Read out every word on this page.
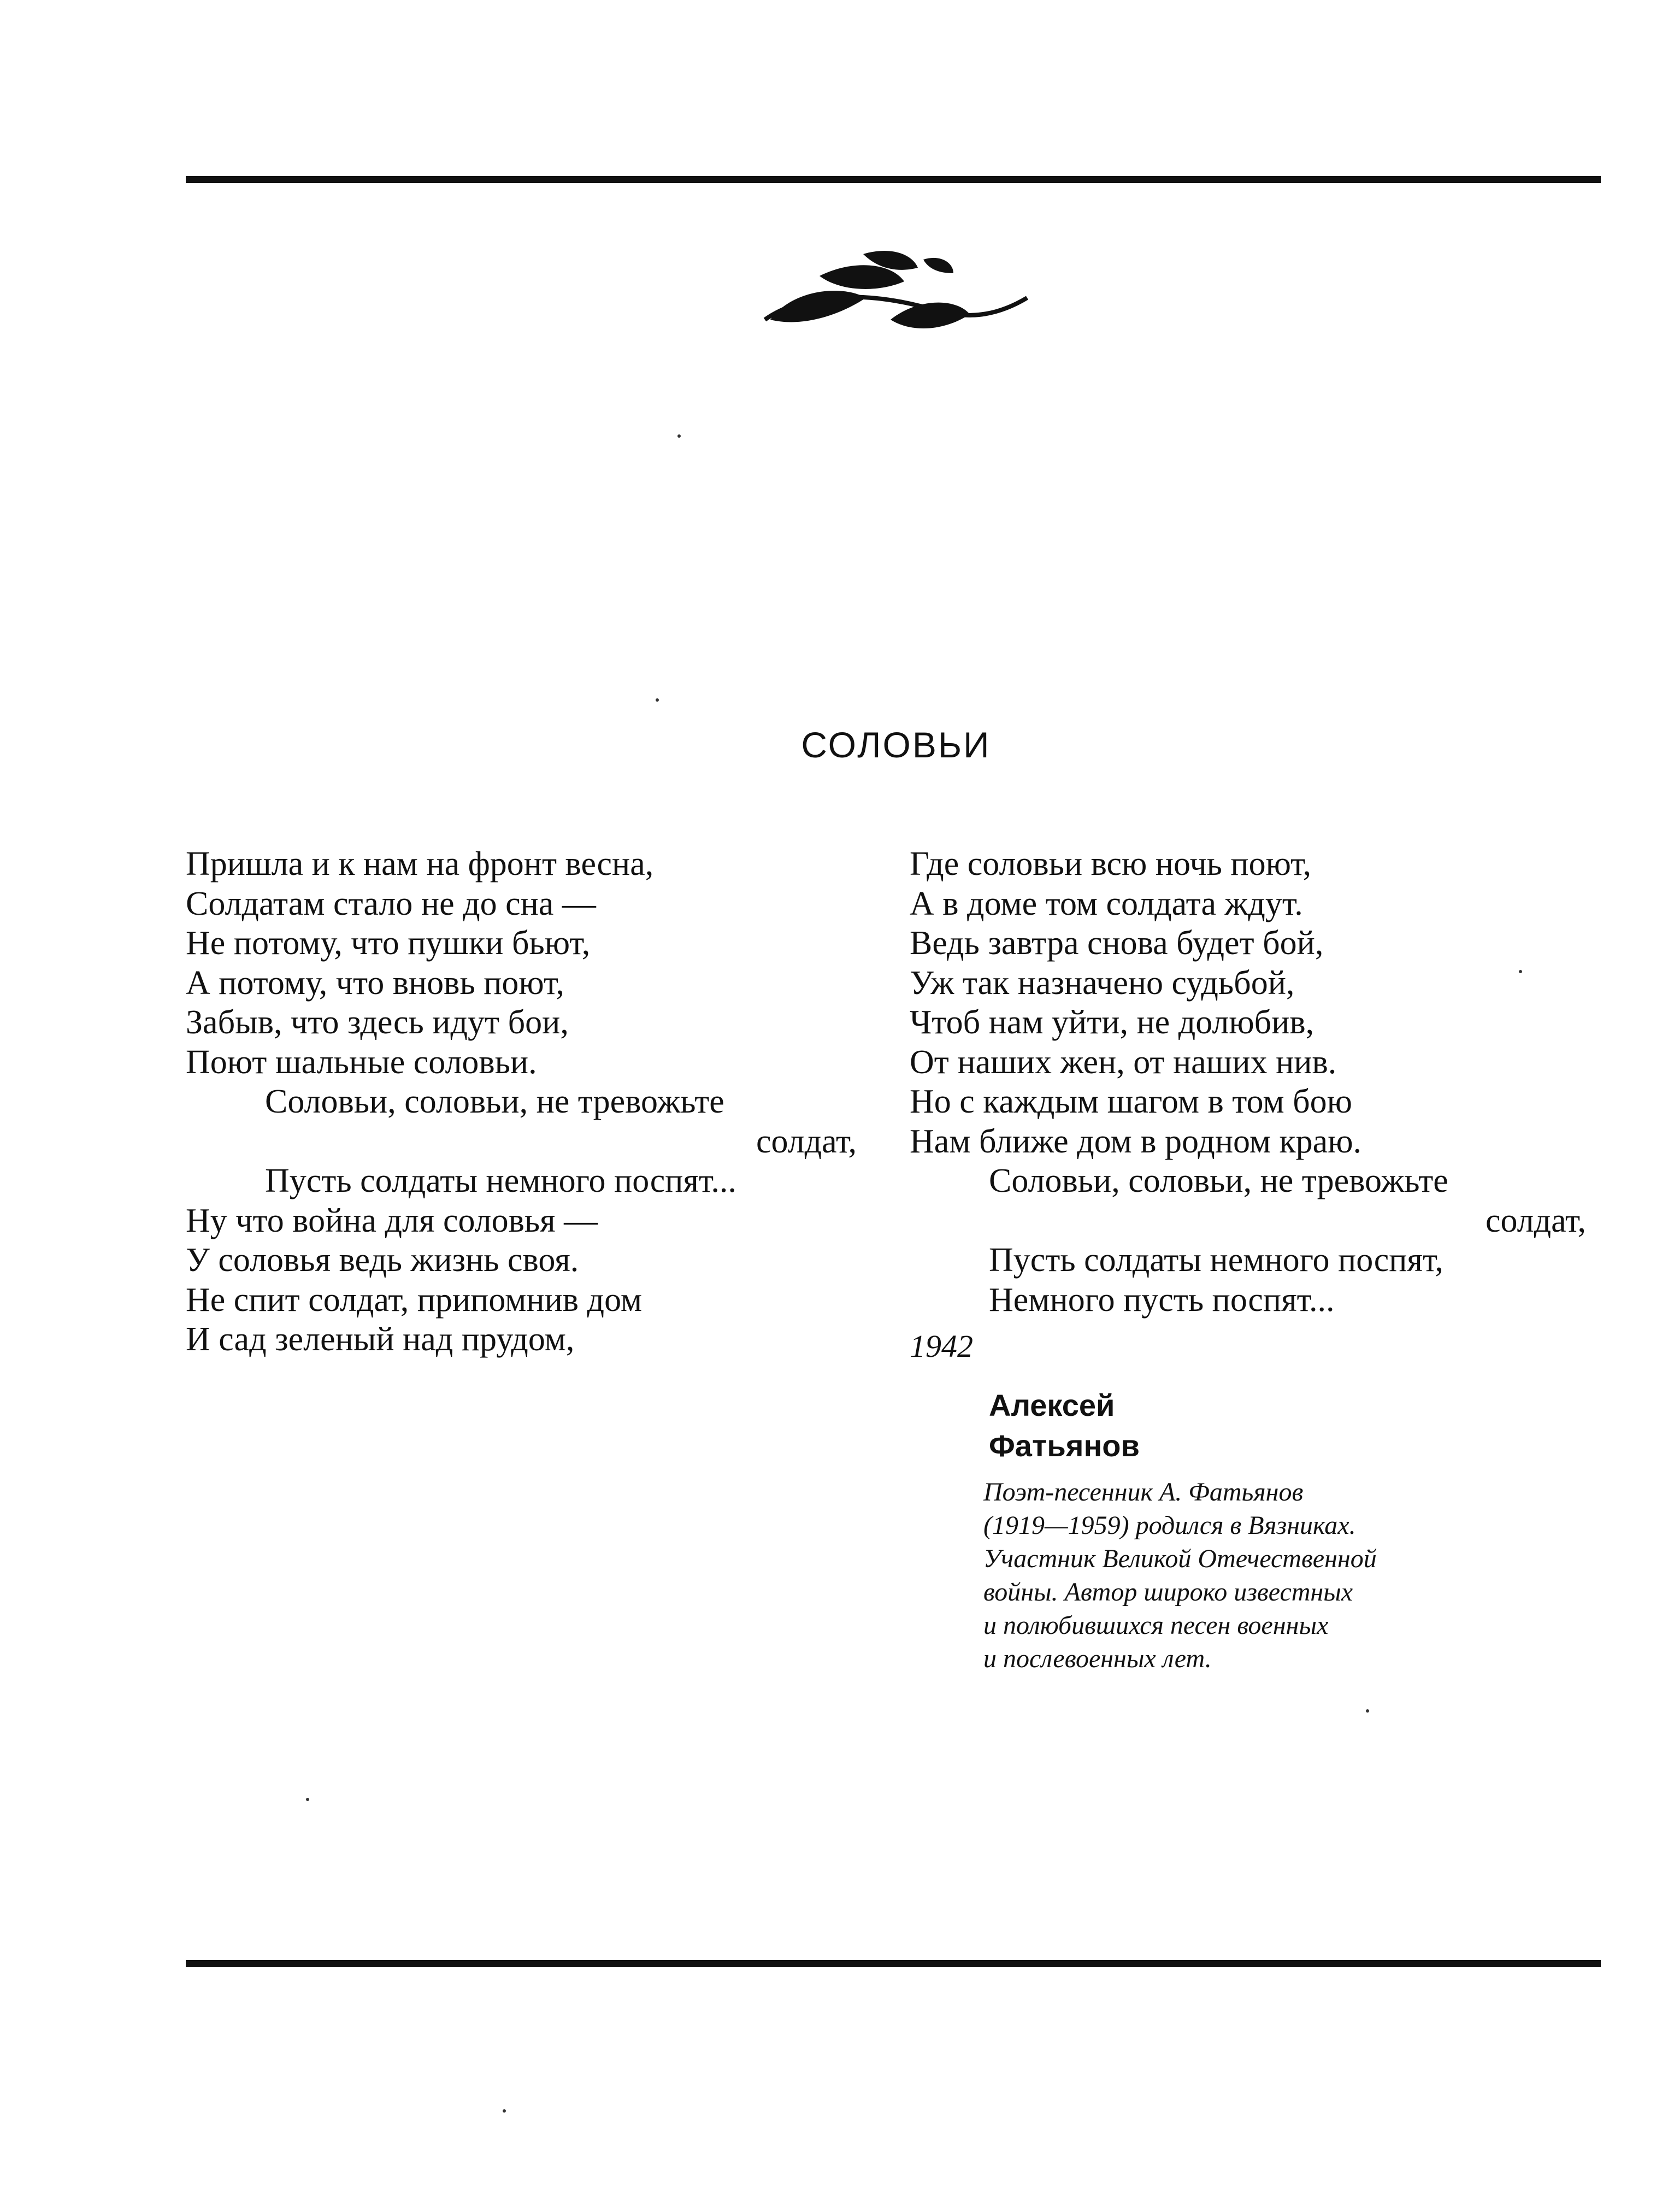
СОЛОВЬИ
Пришла и к нам на фронт весна,
Солдатам стало не до сна —
Не потому, что пушки бьют,
А потому, что вновь поют,
Забыв, что здесь идут бои,
Поют шальные соловьи.
Соловьи, соловьи, не тревожьте
солдат,
Пусть солдаты немного поспят...
Ну что война для соловья —
У соловья ведь жизнь своя.
Не спит солдат, припомнив дом
И сад зеленый над прудом,
Где соловьи всю ночь поют,
А в доме том солдата ждут.
Ведь завтра снова будет бой,
Уж так назначено судьбой,
Чтоб нам уйти, не долюбив,
От наших жен, от наших нив.
Но с каждым шагом в том бою
Нам ближе дом в родном краю.
Соловьи, соловьи, не тревожьте
солдат,
Пусть солдаты немного поспят,
Немного пусть поспят...
1942
Алексей
Фатьянов
Поэт-песенник А. Фатьянов
(1919—1959) родился в Вязниках.
Участник Великой Отечественной
войны. Автор широко известных
и полюбившихся песен военных
и послевоенных лет.
